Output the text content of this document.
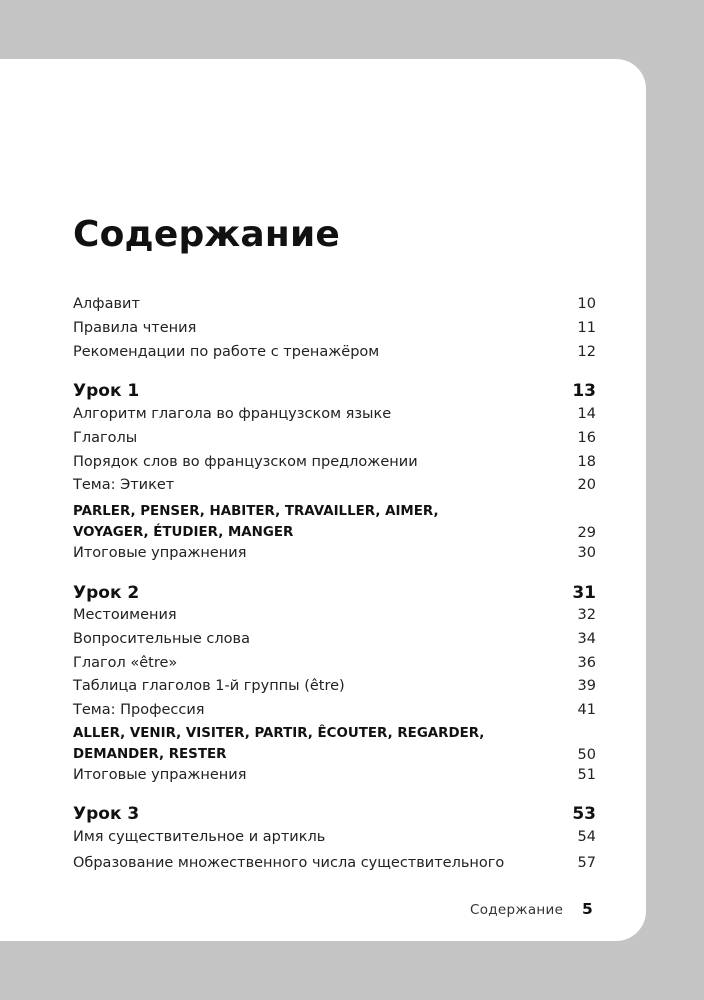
Содержание
Алфавит	10
Правила чтения	11
Рекомендации по работе с тренажёром	12
Урок 1	13
Алгоритм глагола во французском языке	14
Глаголы	16
Порядок слов во французском предложении	18
Тема: Этикет	20
PARLER, PENSER, HABITER, TRAVAILLER, AIMER, VOYAGER, ÉTUDIER, MANGER	29
Итоговые упражнения	30
Урок 2	31
Местоимения	32
Вопросительные слова	34
Глагол «être»	36
Таблица глаголов 1-й группы (être)	39
Тема: Профессия	41
ALLER, VENIR, VISITER, PARTIR, ÊCOUTER, REGARDER, DEMANDER, RESTER	50
Итоговые упражнения	51
Урок 3	53
Имя существительное и артикль	54
Образование множественного числа существительного	57
Содержание 5
